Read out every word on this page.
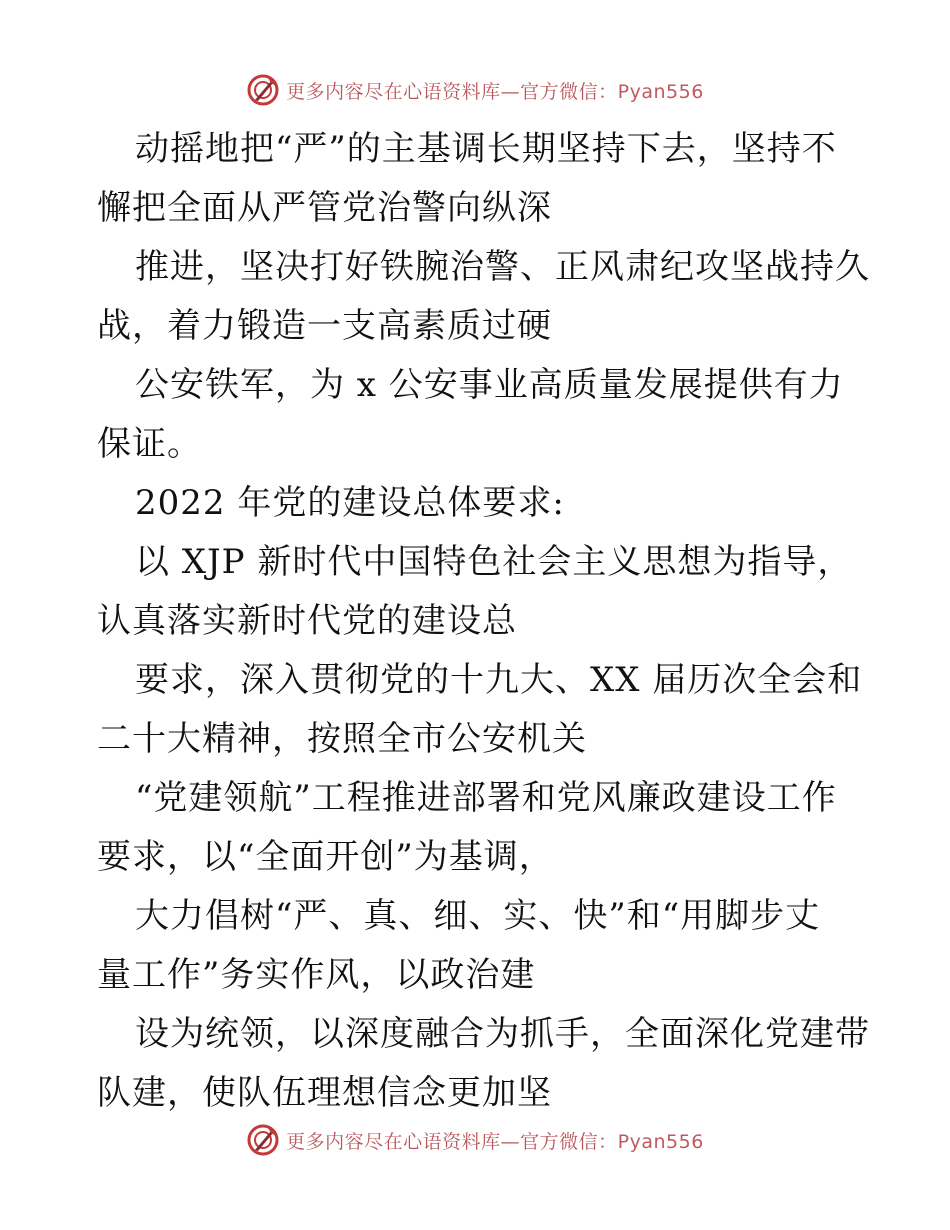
更多内容尽在心语资料库—官方微信：Pyan556
动摇地把“严”的主基调长期坚持下去，坚持不
懈把全面从严管党治警向纵深
推进，坚决打好铁腕治警、正风肃纪攻坚战持久
战，着力锻造一支高素质过硬
公安铁军，为 x 公安事业高质量发展提供有力
保证。
2022 年党的建设总体要求:
以 XJP 新时代中国特色社会主义思想为指导，
认真落实新时代党的建设总
要求，深入贯彻党的十九大、XX 届历次全会和
二十大精神，按照全市公安机关
“党建领航”工程推进部署和党风廉政建设工作
要求，以“全面开创”为基调，
大力倡树“严、真、细、实、快”和“用脚步丈
量工作”务实作风，以政治建
设为统领，以深度融合为抓手，全面深化党建带
队建，使队伍理想信念更加坚
更多内容尽在心语资料库—官方微信：Pyan556
